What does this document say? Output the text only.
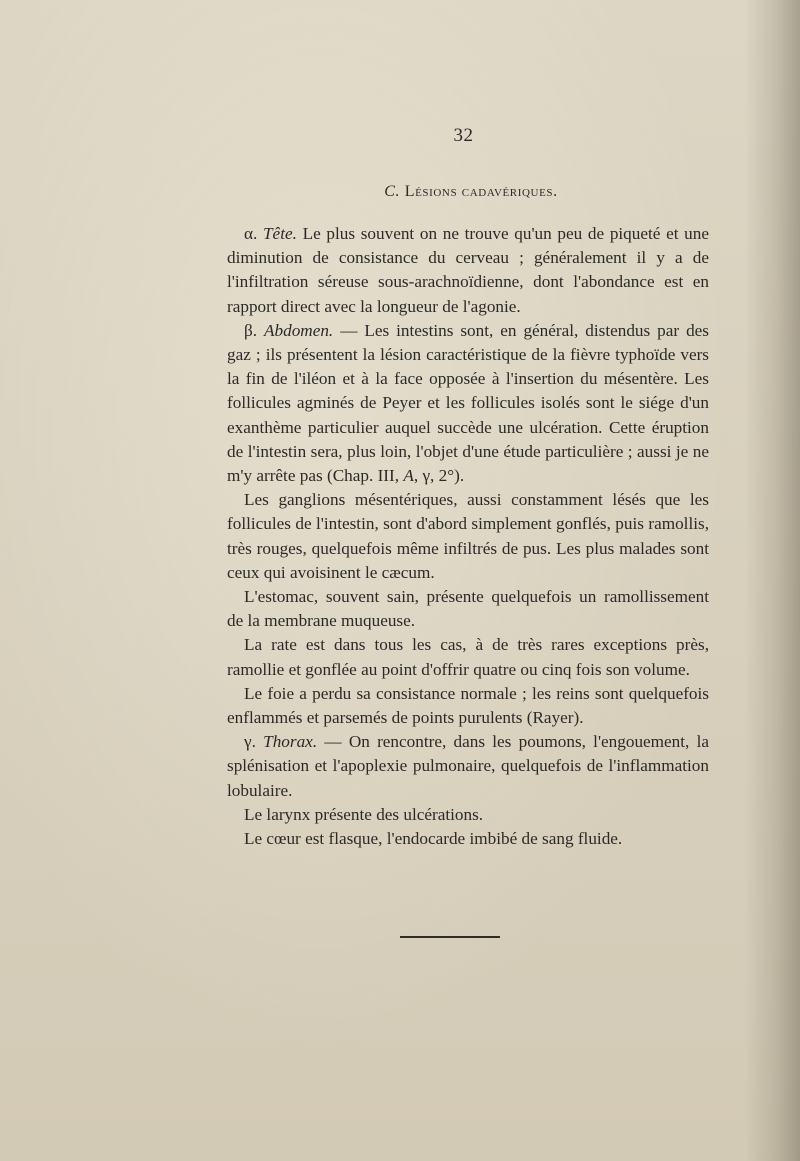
32
C. Lésions cadavériques.

α. Tête. Le plus souvent on ne trouve qu'un peu de piqueté et une diminution de consistance du cerveau ; généralement il y a de l'infiltration séreuse sous-arachnoïdienne, dont l'abondance est en rapport direct avec la longueur de l'agonie.

β. Abdomen. — Les intestins sont, en général, distendus par des gaz ; ils présentent la lésion caractéristique de la fièvre typhoïde vers la fin de l'iléon et à la face opposée à l'insertion du mésentère. Les follicules agminés de Peyer et les follicules isolés sont le siége d'un exanthème particulier auquel succède une ulcération. Cette éruption de l'intestin sera, plus loin, l'objet d'une étude particulière ; aussi je ne m'y arrête pas (Chap. III, A, γ, 2°).

Les ganglions mésentériques, aussi constamment lésés que les follicules de l'intestin, sont d'abord simplement gonflés, puis ramollis, très rouges, quelquefois même infiltrés de pus. Les plus malades sont ceux qui avoisinent le cæcum.

L'estomac, souvent sain, présente quelquefois un ramollissement de la membrane muqueuse.

La rate est dans tous les cas, à de très rares exceptions près, ramollie et gonflée au point d'offrir quatre ou cinq fois son volume.

Le foie a perdu sa consistance normale ; les reins sont quelquefois enflammés et parsemés de points purulents (Rayer).

γ. Thorax. — On rencontre, dans les poumons, l'engouement, la splénisation et l'apoplexie pulmonaire, quelquefois de l'inflammation lobulaire.

Le larynx présente des ulcérations.

Le cœur est flasque, l'endocarde imbibé de sang fluide.
